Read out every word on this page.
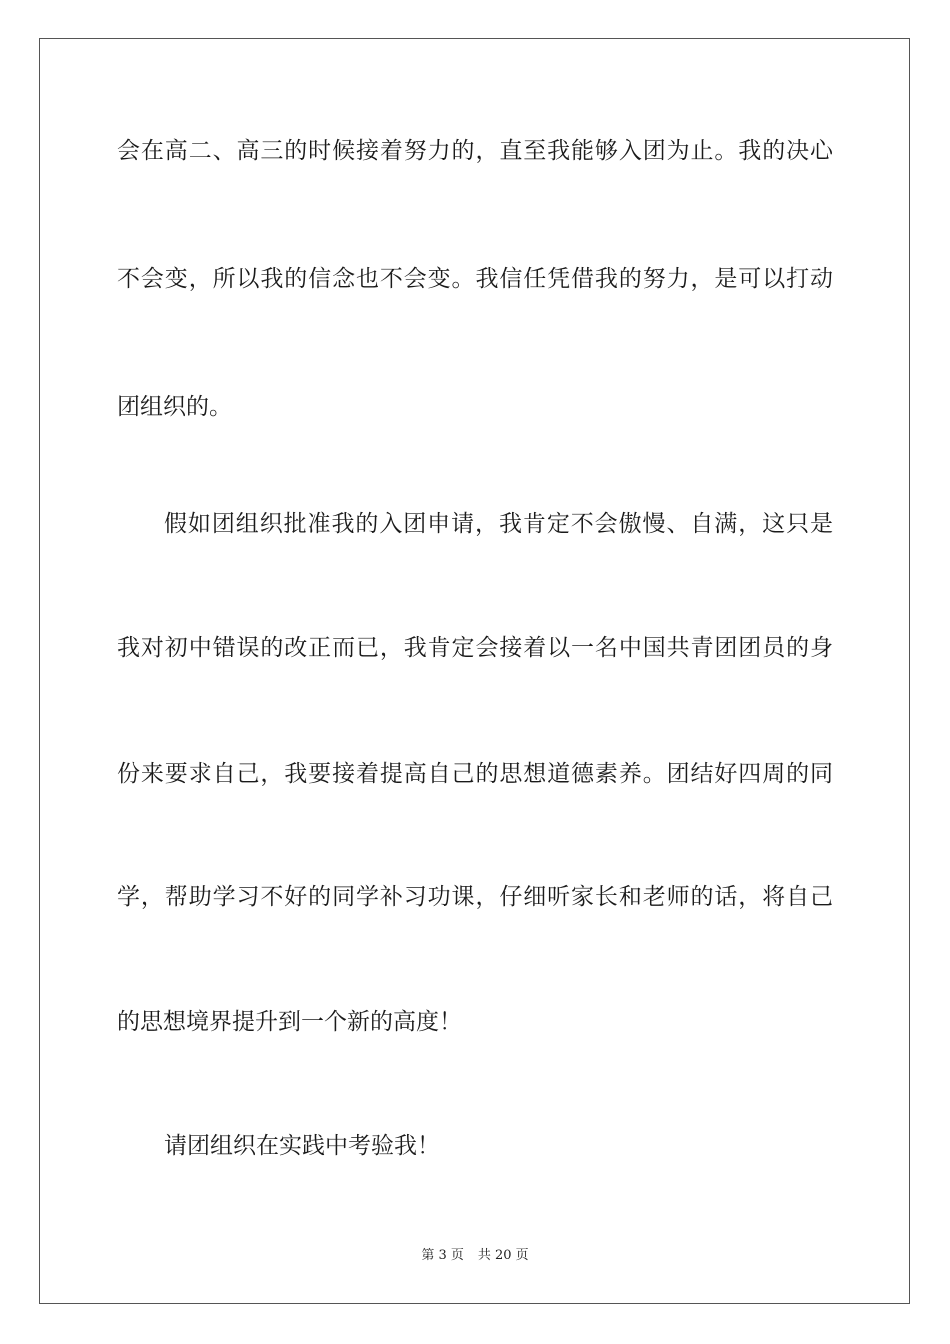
会在高二、高三的时候接着努力的，直至我能够入团为止。我的决心
不会变，所以我的信念也不会变。我信任凭借我的努力，是可以打动
团组织的。
假如团组织批准我的入团申请，我肯定不会傲慢、自满，这只是
我对初中错误的改正而已，我肯定会接着以一名中国共青团团员的身
份来要求自己，我要接着提高自己的思想道德素养。团结好四周的同
学，帮助学习不好的同学补习功课，仔细听家长和老师的话，将自己
的思想境界提升到一个新的高度！
请团组织在实践中考验我！
第 3 页 共 20 页
